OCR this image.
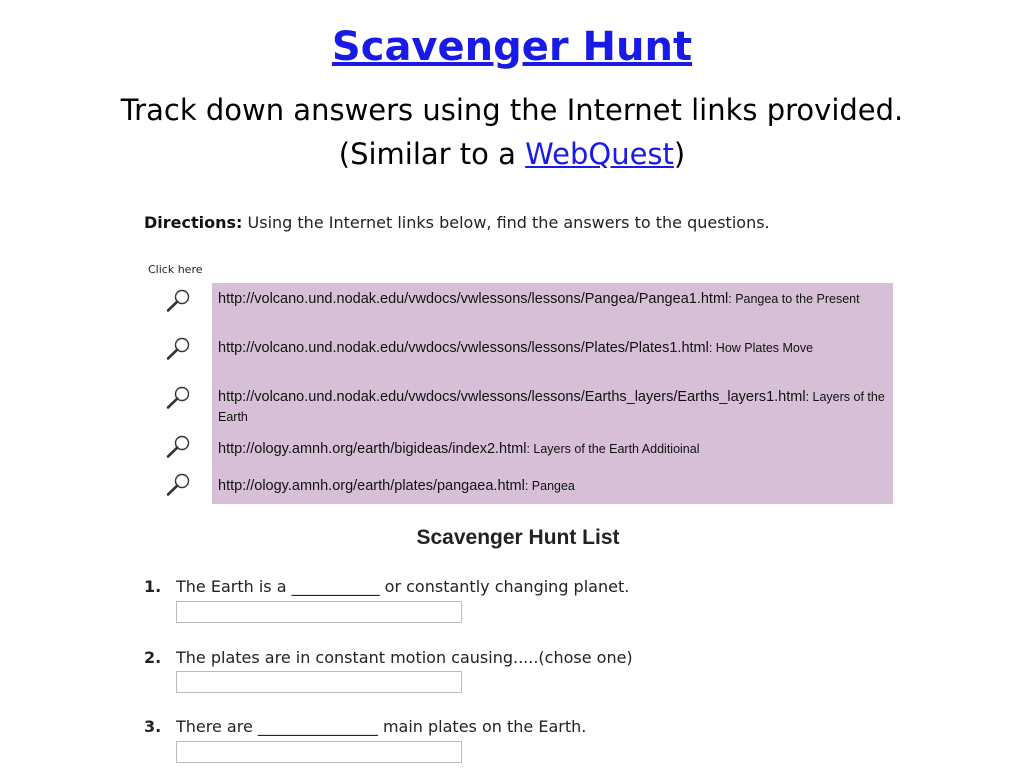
Scavenger Hunt
Track down answers using the Internet links provided.
(Similar to a WebQuest)
Directions: Using the Internet links below, find the answers to the questions.
Click here
http://volcano.und.nodak.edu/vwdocs/vwlessons/lessons/Pangea/Pangea1.html: Pangea to the Present
http://volcano.und.nodak.edu/vwdocs/vwlessons/lessons/Plates/Plates1.html: How Plates Move
http://volcano.und.nodak.edu/vwdocs/vwlessons/lessons/Earths_layers/Earths_layers1.html: Layers of the Earth
http://ology.amnh.org/earth/bigideas/index2.html: Layers of the Earth Additioinal
http://ology.amnh.org/earth/plates/pangaea.html: Pangea
Scavenger Hunt List
1. The Earth is a ___________ or constantly changing planet.
2. The plates are in constant motion causing.....(chose one)
3. There are _______________ main plates on the Earth.
